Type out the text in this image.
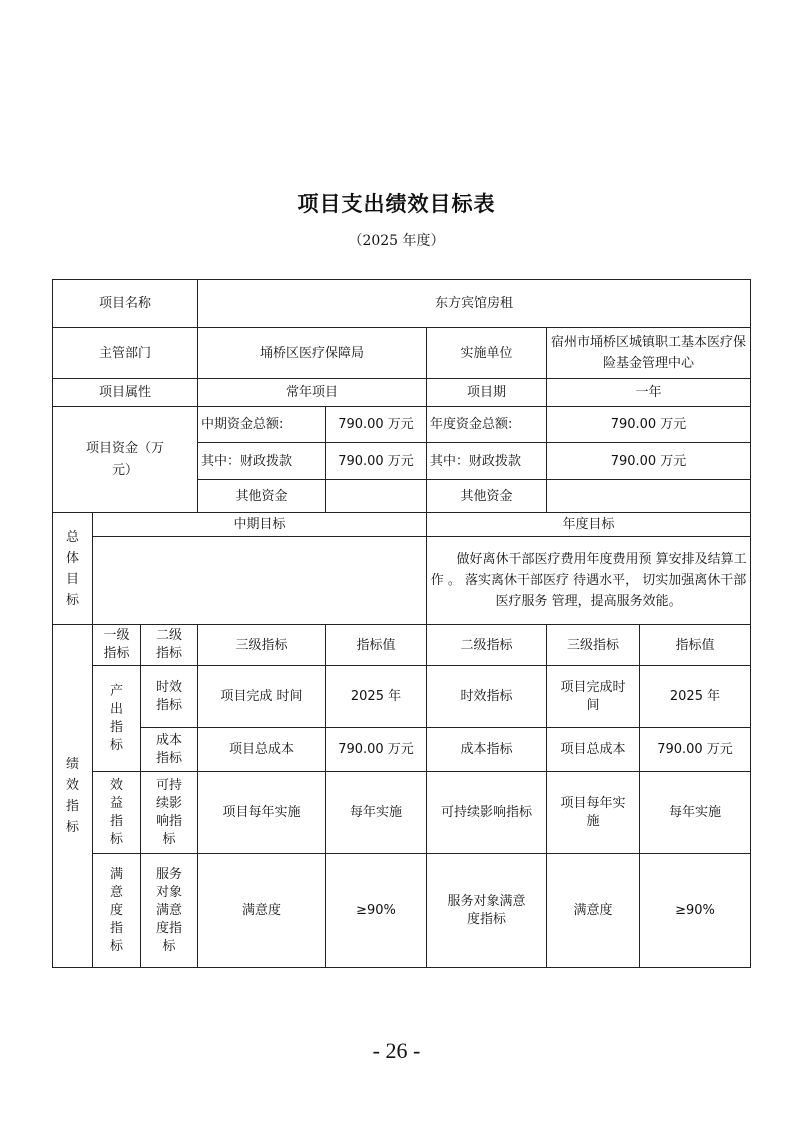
项目支出绩效目标表
（2025 年度）
项目名称			东方宾馆房租				
主管部门			埇桥区医疗保障局		实施单位	宿州市埇桥区城镇职工基本医疗保险基金管理中心	
项目属性			常年项目		项目期	一年	

项目资金（万元）			中期资金总额:	790.00 万元	年度资金总额:	790.00 万元	
			其中：财政拨款	790.00 万元	其中：财政拨款	790.00 万元	
			其他资金		其他资金		

总体目标	中期目标				年度目标		

					做好离休干部医疗费用年度费用预 算安排及结算工作 。 落实离休干部医疗 待遇水平， 切实加强离休干部医疗服务 管理，提高服务效能。		

绩效指标	一级指标	二级指标	三级指标	指标值	二级指标	三级指标	指标值

	产出指标	时效指标	项目完成 时间	2025 年	时效指标	项目完成时间	2025 年

		成本指标	项目总成本	790.00 万元	成本指标	项目总成本	790.00 万元

	效益指标	可持续影响指标	项目每年实施	每年实施	可持续影响指标	项目每年实施	每年实施

	满意度指标	服务对象满意度指标	满意度	≥90%	服务对象满意度指标	满意度	≥90%
- 26 -
